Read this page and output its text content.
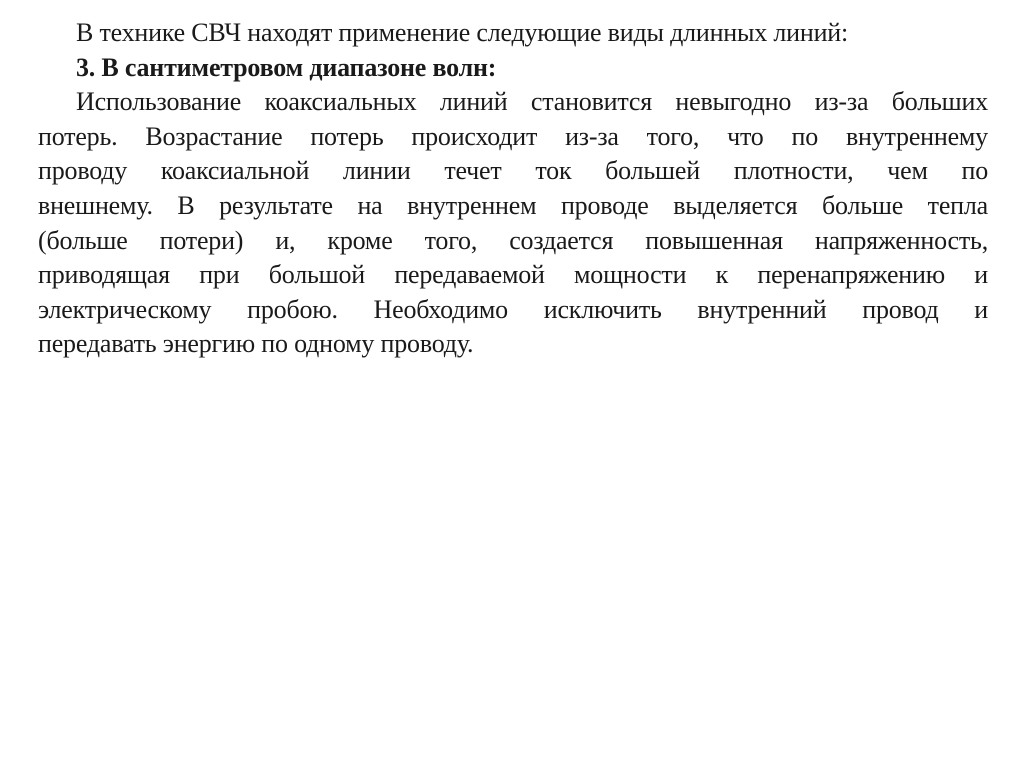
В технике СВЧ находят применение следующие виды длинных линий:
3. В сантиметровом диапазоне волн:
Использование коаксиальных линий становится невыгодно из-за больших
потерь. Возрастание потерь происходит из-за того, что по внутреннему
проводу коаксиальной линии течет ток большей плотности, чем по
внешнему. В результате на внутреннем проводе выделяется больше тепла
(больше потери) и, кроме того, создается повышенная напряженность,
приводящая при большой передаваемой мощности к перенапряжению и
электрическому пробою. Необходимо исключить внутренний провод и
передавать энергию по одному проводу.
